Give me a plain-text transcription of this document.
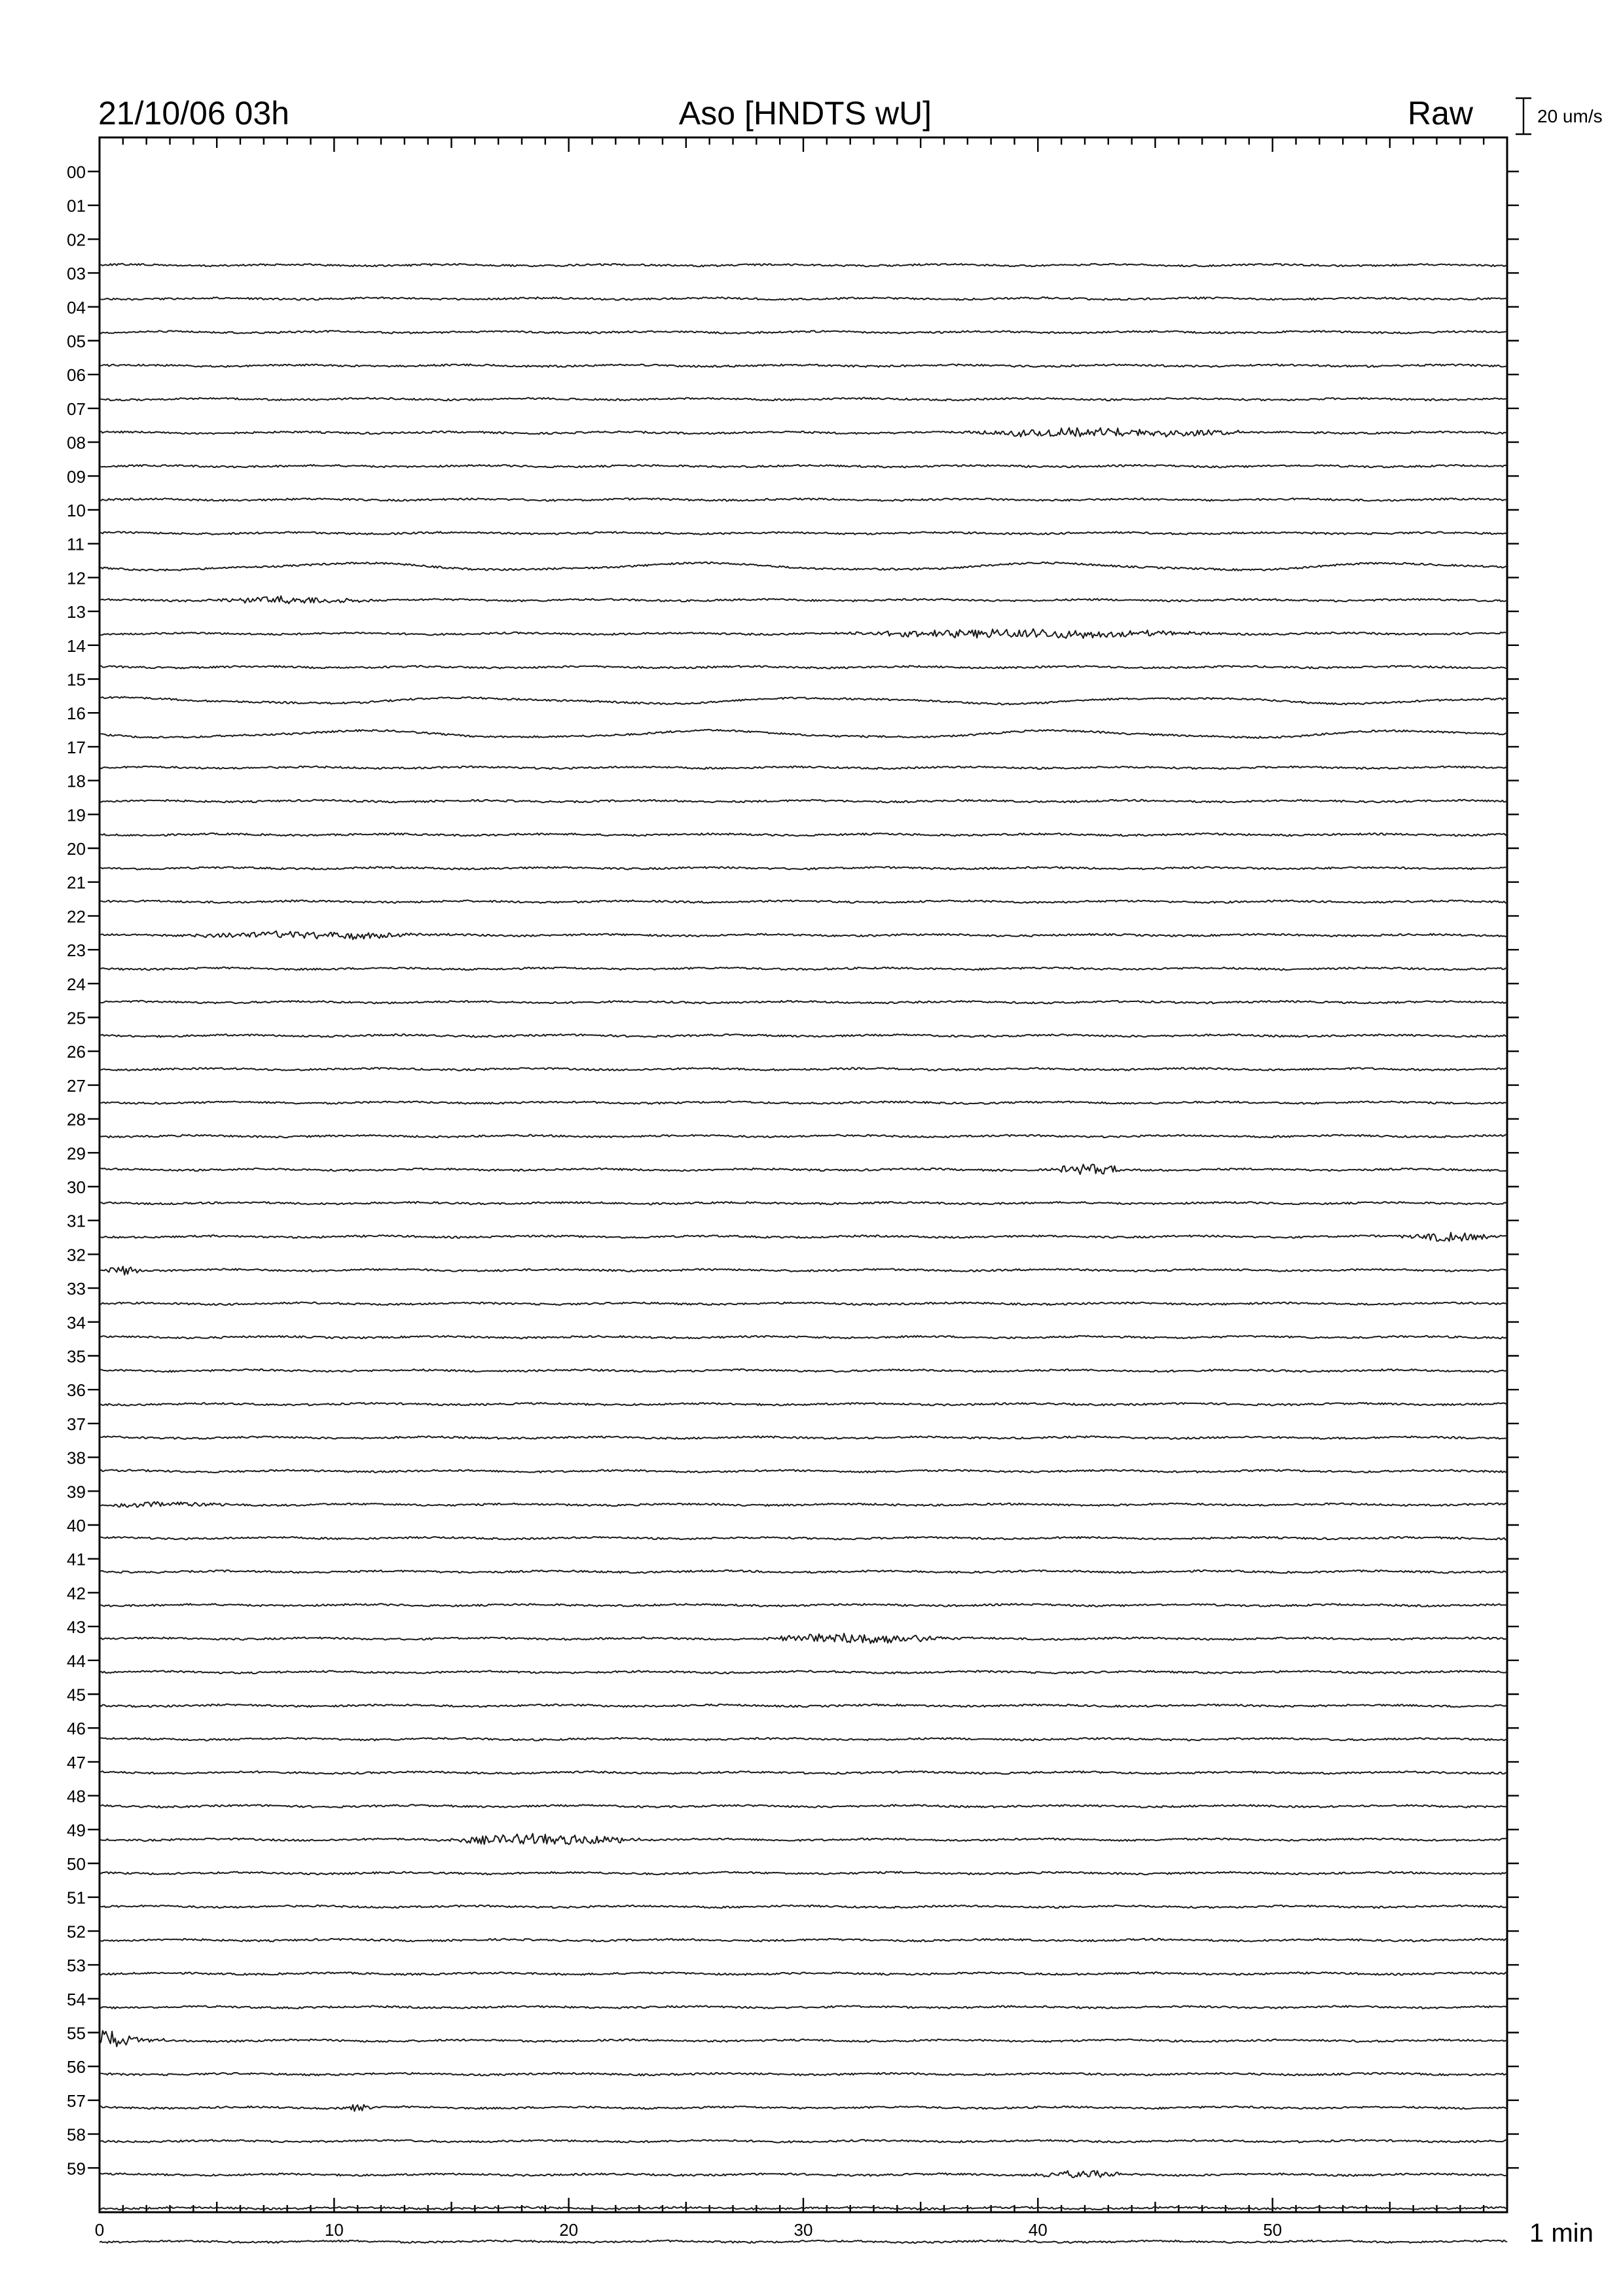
21/10/06 03h	Aso [HNDTS wU]	Raw	20 um/s
00
01
02
03
04
05
06
07
08
09
10
11
12
13
14
15
16
17
18
19
20
21
22
23
24
25
26
27
28
29
30
31
32
33
34
35
36
37
38
39
40
41
42
43
44
45
46
47
48
49
50
51
52
53
54
55
56
57
58
59
0	10	20	30	40	50	1 min
